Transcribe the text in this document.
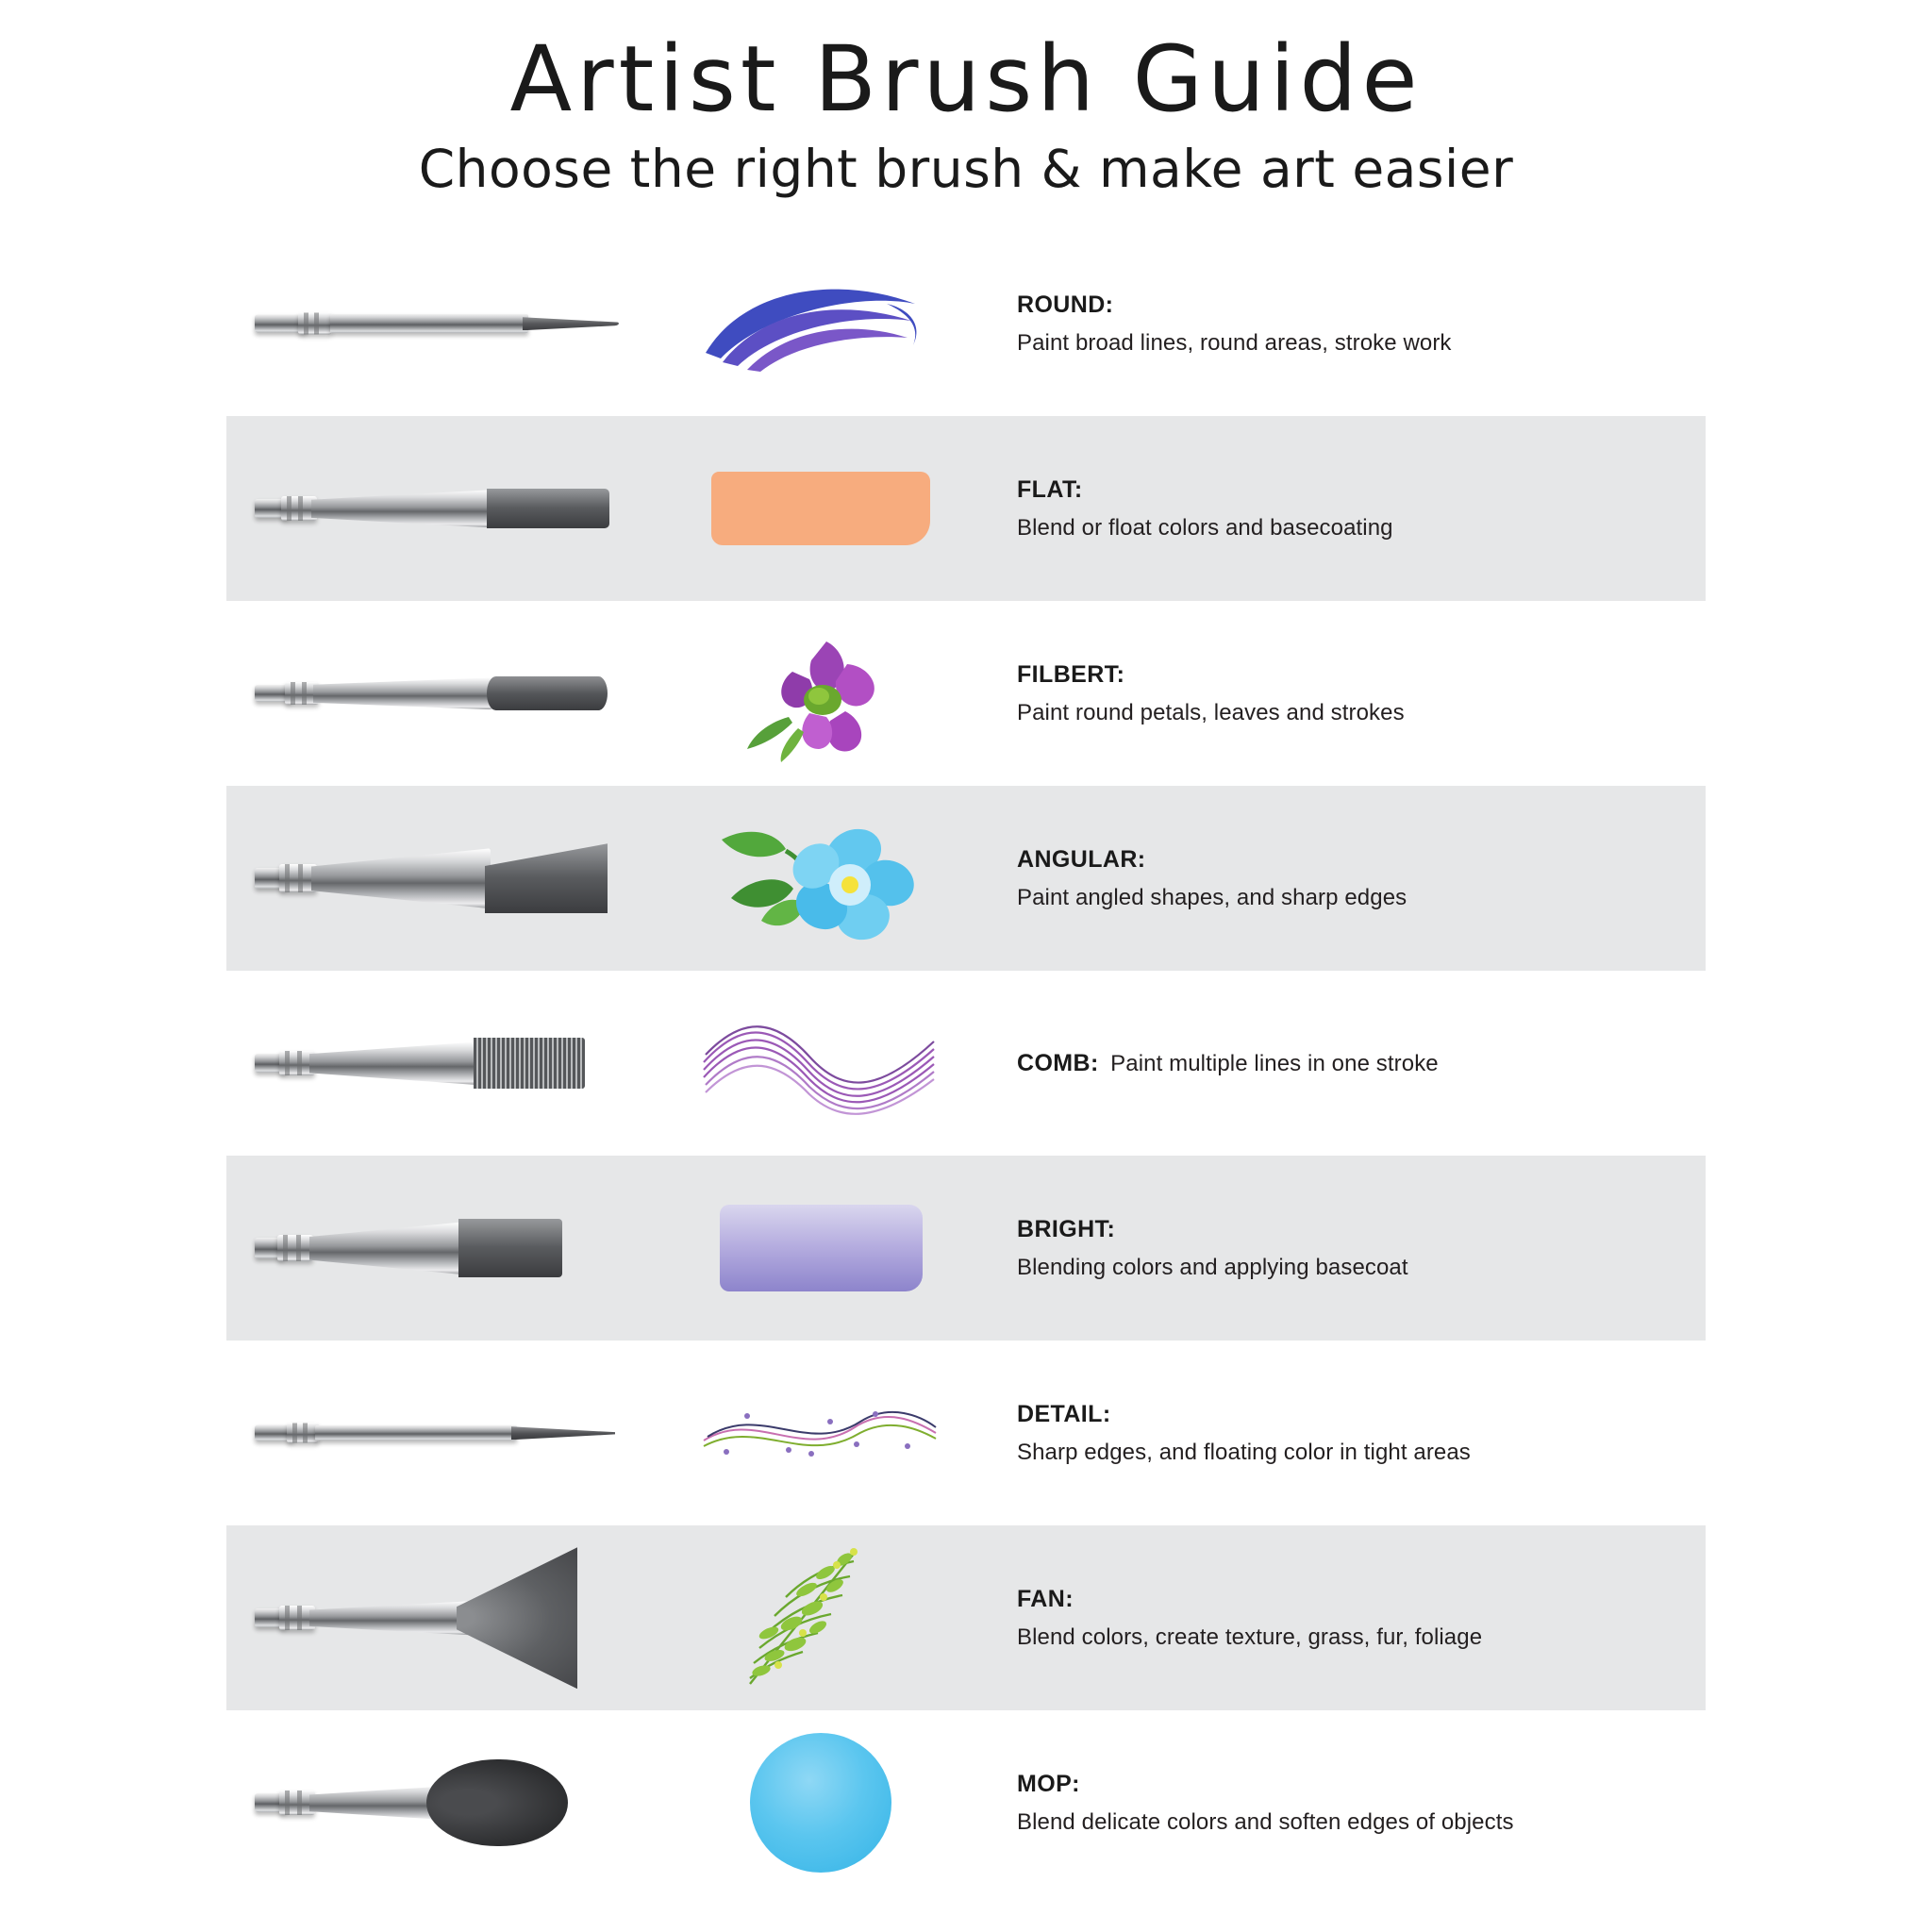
Artist Brush Guide

Choose the right brush & make art easier

ROUND:
Paint broad lines, round areas, stroke work
FLAT:
Blend or float colors and basecoating
FILBERT:
Paint round petals, leaves and strokes
ANGULAR:
Paint angled shapes, and sharp edges
COMB: Paint multiple lines in one stroke
BRIGHT:
Blending colors and applying basecoat
DETAIL:
Sharp edges, and floating color in tight areas
FAN:
Blend colors, create texture, grass, fur, foliage
MOP:
Blend delicate colors and soften edges of objects
